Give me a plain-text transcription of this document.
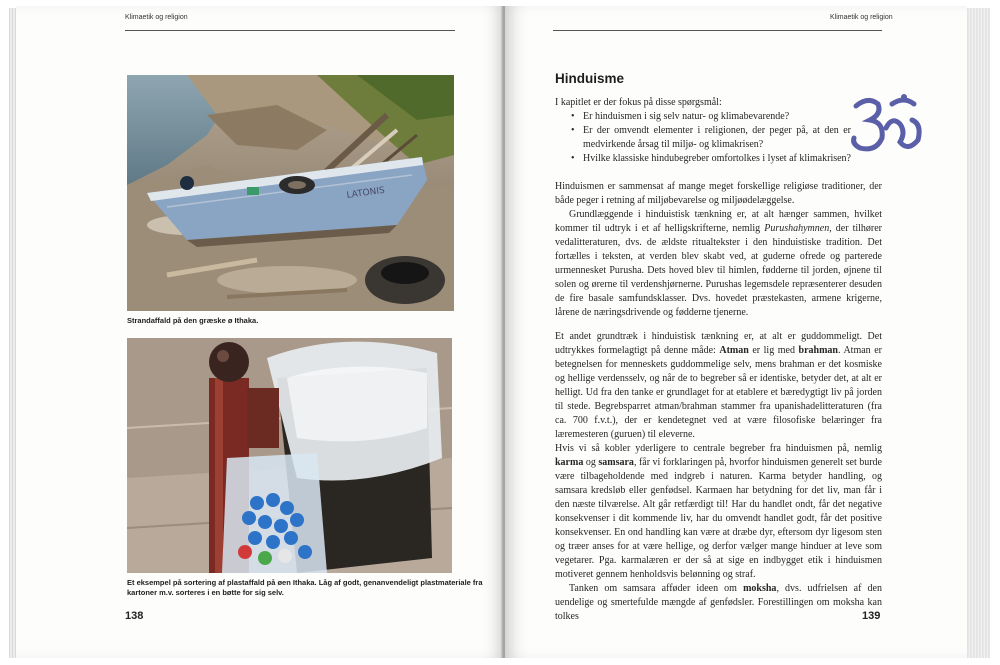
Klimaetik og religion
LATONIS
Strandaffald på den græske ø Ithaka.
Et eksempel på sortering af plastaffald på øen Ithaka. Låg af godt, genanvendeligt plastmateriale fra
kartoner m.v. sorteres i en bøtte for sig selv.
138
Klimaetik og religion
Hinduisme

I kapitlet er der fokus på disse spørgsmål:

• Er hinduismen i sig selv natur- og klimabevarende?
• Er der omvendt elementer i religionen, der peger på, at den er medvirkende årsag til miljø- og klimakrisen?
• Hvilke klassiske hindubegreber omfortolkes i lyset af klimakrisen?

Hinduismen er sammensat af mange meget forskellige religiøse traditioner, der både peger i retning af miljøbevarelse og miljøødelæggelse.

Grundlæggende i hinduistisk tænkning er, at alt hænger sammen, hvilket kommer til udtryk i et af helligskrifterne, nemlig Purushahymnen, der tilhører vedalitteraturen, dvs. de ældste ritualtekster i den hinduistiske tradition. Det fortælles i teksten, at verden blev skabt ved, at guderne ofrede og parterede urmennesket Purusha. Dets hoved blev til himlen, fødderne til jorden, øjnene til solen og ørerne til verdenshjørnerne. Purushas legemsdele repræsenterer desuden de fire basale samfundsklasser. Dvs. hovedet præstekasten, armene krigerne, lårene de næringsdrivende og fødderne tjenerne.

Et andet grundtræk i hinduistisk tænkning er, at alt er guddommeligt. Det udtrykkes formelagtigt på denne måde: Atman er lig med brahman. Atman er betegnelsen for menneskets guddommelige selv, mens brahman er det kosmiske og hellige verdensselv, og når de to begreber så er identiske, betyder det, at alt er helligt. Ud fra den tanke er grundlaget for at etablere et bæredygtigt liv på jorden til stede. Begrebsparret atman/brahman stammer fra upanishadelitteraturen (fra ca. 700 f.v.t.), der er kendetegnet ved at være filosofiske belæringer fra læremesteren (guruen) til eleverne.

Hvis vi så kobler yderligere to centrale begreber fra hinduismen på, nemlig karma og samsara, får vi forklaringen på, hvorfor hinduismen generelt set burde være tilbageholdende med indgreb i naturen. Karma betyder handling, og samsara kredsløb eller genfødsel. Karmaen har betydning for det liv, man får i den næste tilværelse. Alt går retfærdigt til! Har du handlet ondt, får det negative konsekvenser i dit kommende liv, har du omvendt handlet godt, får det positive konsekvenser. En ond handling kan være at dræbe dyr, eftersom dyr ligesom sten og træer anses for at være hellige, og derfor vælger mange hinduer at leve som vegetarer. Pga. karmalæren er der så at sige en indbygget etik i hinduismen motiveret gennem henholdsvis belønning og straf.

Tanken om samsara afføder ideen om moksha, dvs. udfrielsen af den uendelige og smertefulde mængde af genfødsler. Forestillingen om moksha kan tolkes	139
